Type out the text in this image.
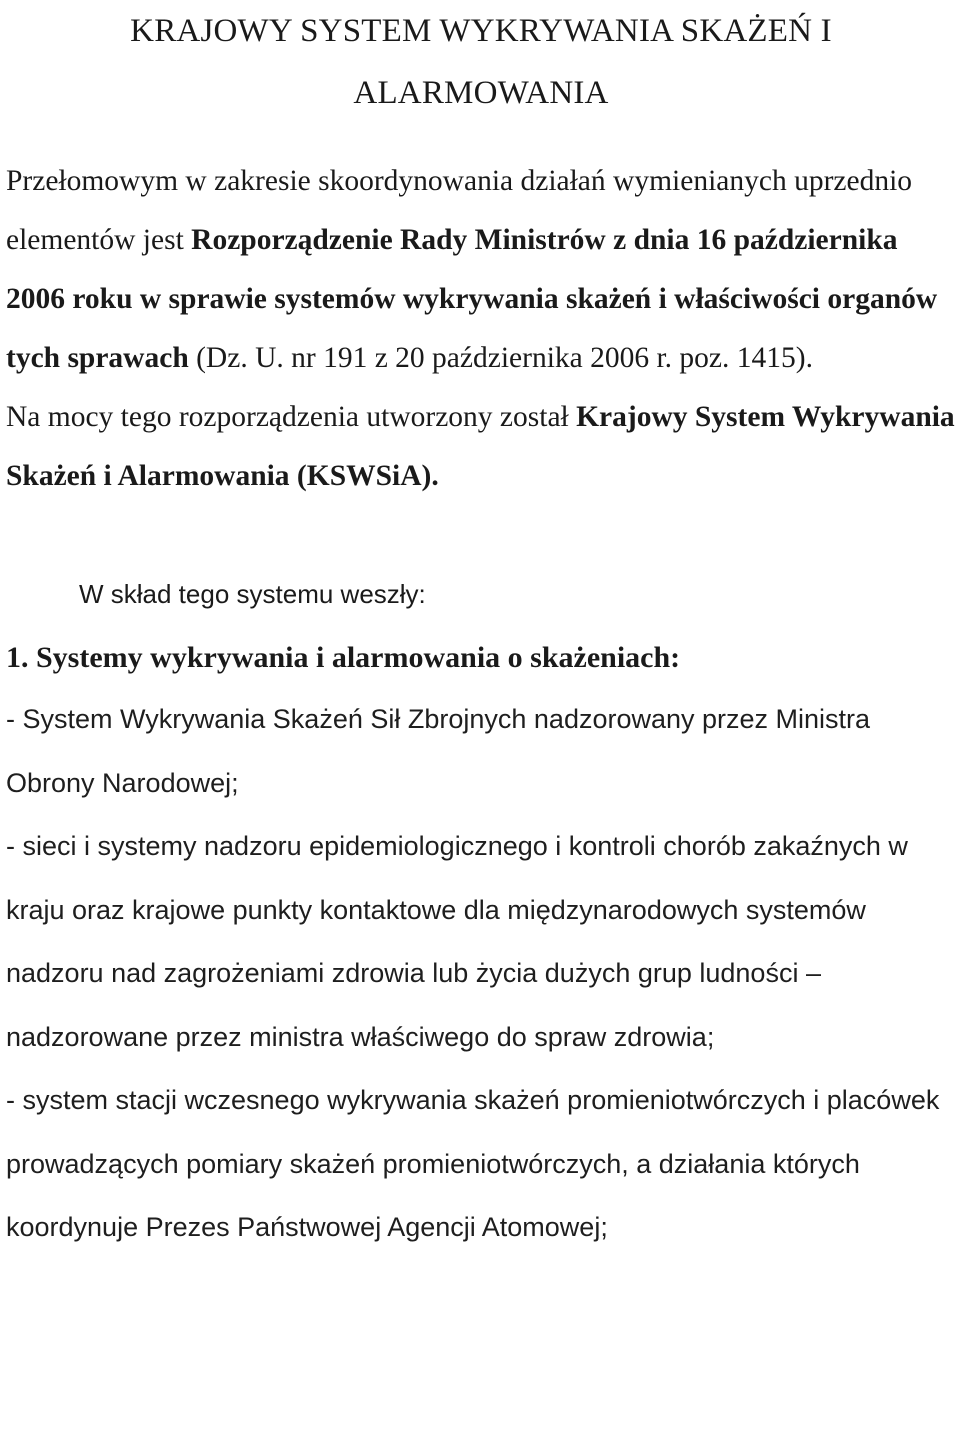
KRAJOWY SYSTEM WYKRYWANIA SKAŻEŃ I
ALARMOWANIA

Przełomowym w zakresie skoordynowania działań wymienianych uprzednio elementów jest Rozporządzenie Rady Ministrów z dnia 16 października 2006 roku w sprawie systemów wykrywania skażeń i właściwości organów tych sprawach (Dz. U. nr 191 z 20 października 2006 r. poz. 1415).

Na mocy tego rozporządzenia utworzony został Krajowy System Wykrywania Skażeń i Alarmowania (KSWSiA).

W skład tego systemu weszły:

1. Systemy wykrywania i alarmowania o skażeniach:

- System Wykrywania Skażeń Sił Zbrojnych nadzorowany przez Ministra Obrony Narodowej;

- sieci i systemy nadzoru epidemiologicznego i kontroli chorób zakaźnych w kraju oraz krajowe punkty kontaktowe dla międzynarodowych systemów nadzoru nad zagrożeniami zdrowia lub życia dużych grup ludności – nadzorowane przez ministra właściwego do spraw zdrowia;

- system stacji wczesnego wykrywania skażeń promieniotwórczych i placówek prowadzących pomiary skażeń promieniotwórczych, a działania których koordynuje Prezes Państwowej Agencji Atomowej;
